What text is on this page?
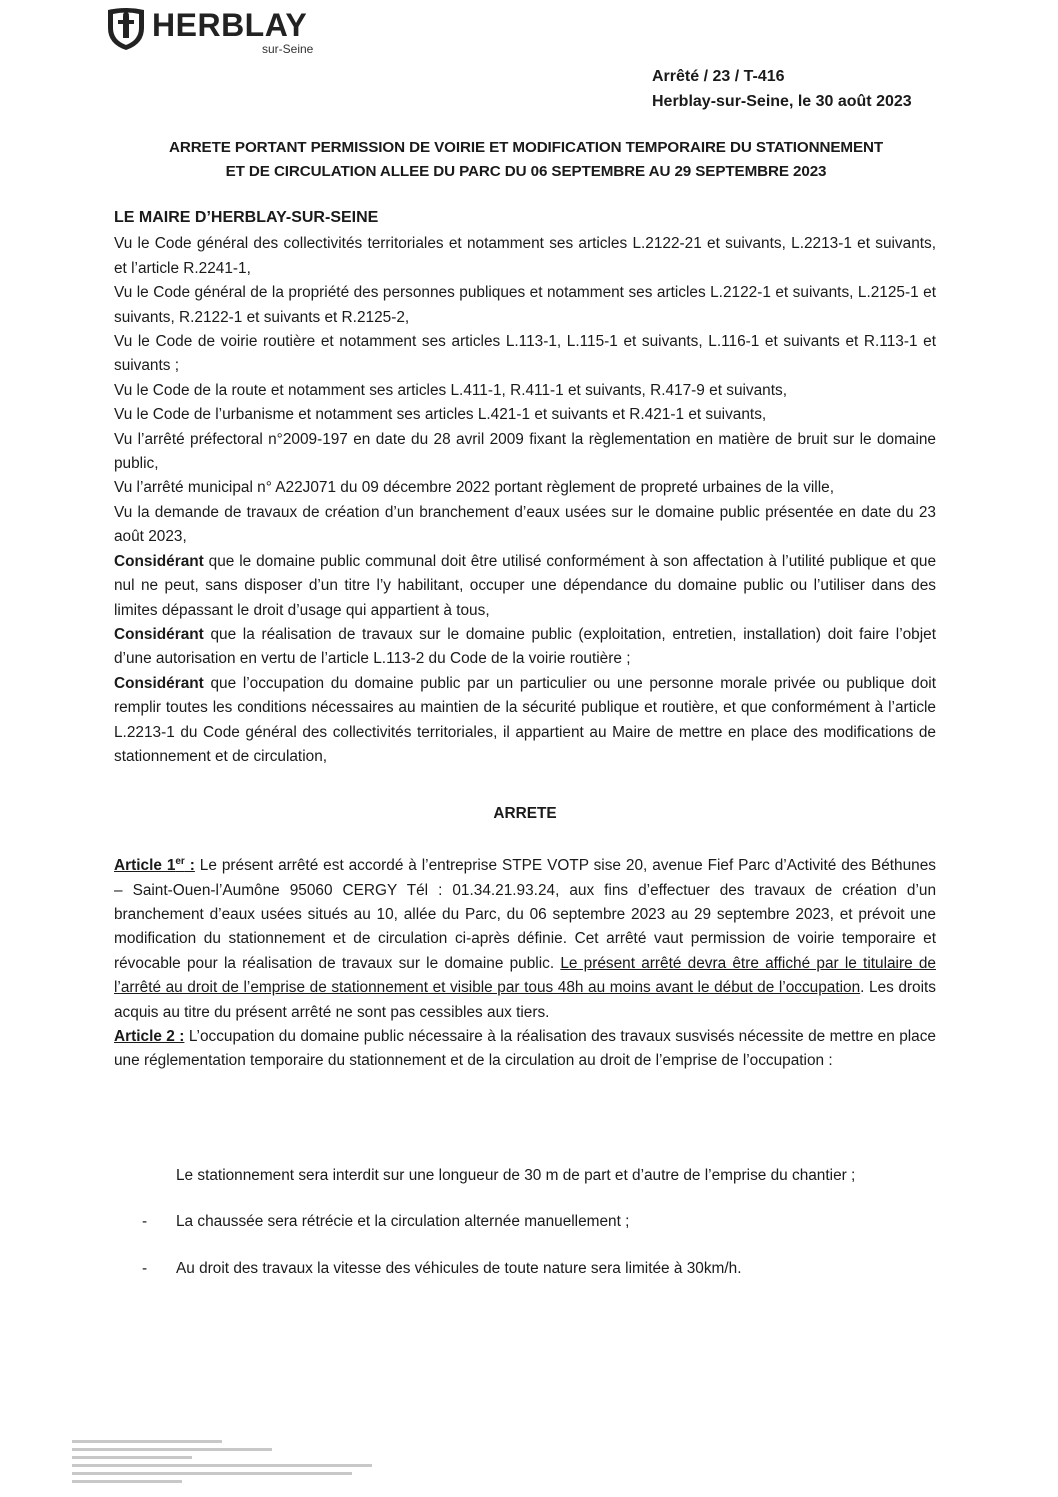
HERBLAY
sur-Seine
Arrêté / 23 / T-416
Herblay-sur-Seine, le 30 août 2023
ARRETE PORTANT PERMISSION DE VOIRIE ET MODIFICATION TEMPORAIRE DU STATIONNEMENT
ET DE CIRCULATION ALLEE DU PARC DU 06 SEPTEMBRE AU 29 SEPTEMBRE 2023

LE MAIRE D’HERBLAY-SUR-SEINE

Vu le Code général des collectivités territoriales et notamment ses articles L.2122-21 et suivants, L.2213-1 et suivants, et l’article R.2241-1,

Vu le Code général de la propriété des personnes publiques et notamment ses articles L.2122-1 et suivants, L.2125-1 et suivants, R.2122-1 et suivants et R.2125-2,

Vu le Code de voirie routière et notamment ses articles L.113-1, L.115-1 et suivants, L.116-1 et suivants et R.113-1 et suivants ;

Vu le Code de la route et notamment ses articles L.411-1, R.411-1 et suivants, R.417-9 et suivants,

Vu le Code de l’urbanisme et notamment ses articles L.421-1 et suivants et R.421-1 et suivants,

Vu l’arrêté préfectoral n°2009-197 en date du 28 avril 2009 fixant la règlementation en matière de bruit sur le domaine public,

Vu l’arrêté municipal n° A22J071 du 09 décembre 2022 portant règlement de propreté urbaines de la ville,

Vu la demande de travaux de création d’un branchement d’eaux usées sur le domaine public présentée en date du 23 août 2023,

Considérant que le domaine public communal doit être utilisé conformément à son affectation à l’utilité publique et que nul ne peut, sans disposer d’un titre l’y habilitant, occuper une dépendance du domaine public ou l’utiliser dans des limites dépassant le droit d’usage qui appartient à tous,

Considérant que la réalisation de travaux sur le domaine public (exploitation, entretien, installation) doit faire l’objet d’une autorisation en vertu de l’article L.113-2 du Code de la voirie routière ;

Considérant que l’occupation du domaine public par un particulier ou une personne morale privée ou publique doit remplir toutes les conditions nécessaires au maintien de la sécurité publique et routière, et que conformément à l’article L.2213-1 du Code général des collectivités territoriales, il appartient au Maire de mettre en place des modifications de stationnement et de circulation,

ARRETE

Article 1er : Le présent arrêté est accordé à l’entreprise STPE VOTP sise 20, avenue Fief Parc d’Activité des Béthunes – Saint-Ouen-l’Aumône 95060 CERGY Tél : 01.34.21.93.24, aux fins d’effectuer des travaux de création d’un branchement d’eaux usées situés au 10, allée du Parc, du 06 septembre 2023 au 29 septembre 2023, et prévoit une modification du stationnement et de circulation ci-après définie. Cet arrêté vaut permission de voirie temporaire et révocable pour la réalisation de travaux sur le domaine public. Le présent arrêté devra être affiché par le titulaire de l’arrêté au droit de l’emprise de stationnement et visible par tous 48h au moins avant le début de l’occupation. Les droits acquis au titre du présent arrêté ne sont pas cessibles aux tiers.

Article 2 : L’occupation du domaine public nécessaire à la réalisation des travaux susvisés nécessite de mettre en place une réglementation temporaire du stationnement et de la circulation au droit de l’emprise de l’occupation :

Le stationnement sera interdit sur une longueur de 30 m de part et d’autre de l’emprise du chantier ;
- La chaussée sera rétrécie et la circulation alternée manuellement ;
- Au droit des travaux la vitesse des véhicules de toute nature sera limitée à 30km/h.
